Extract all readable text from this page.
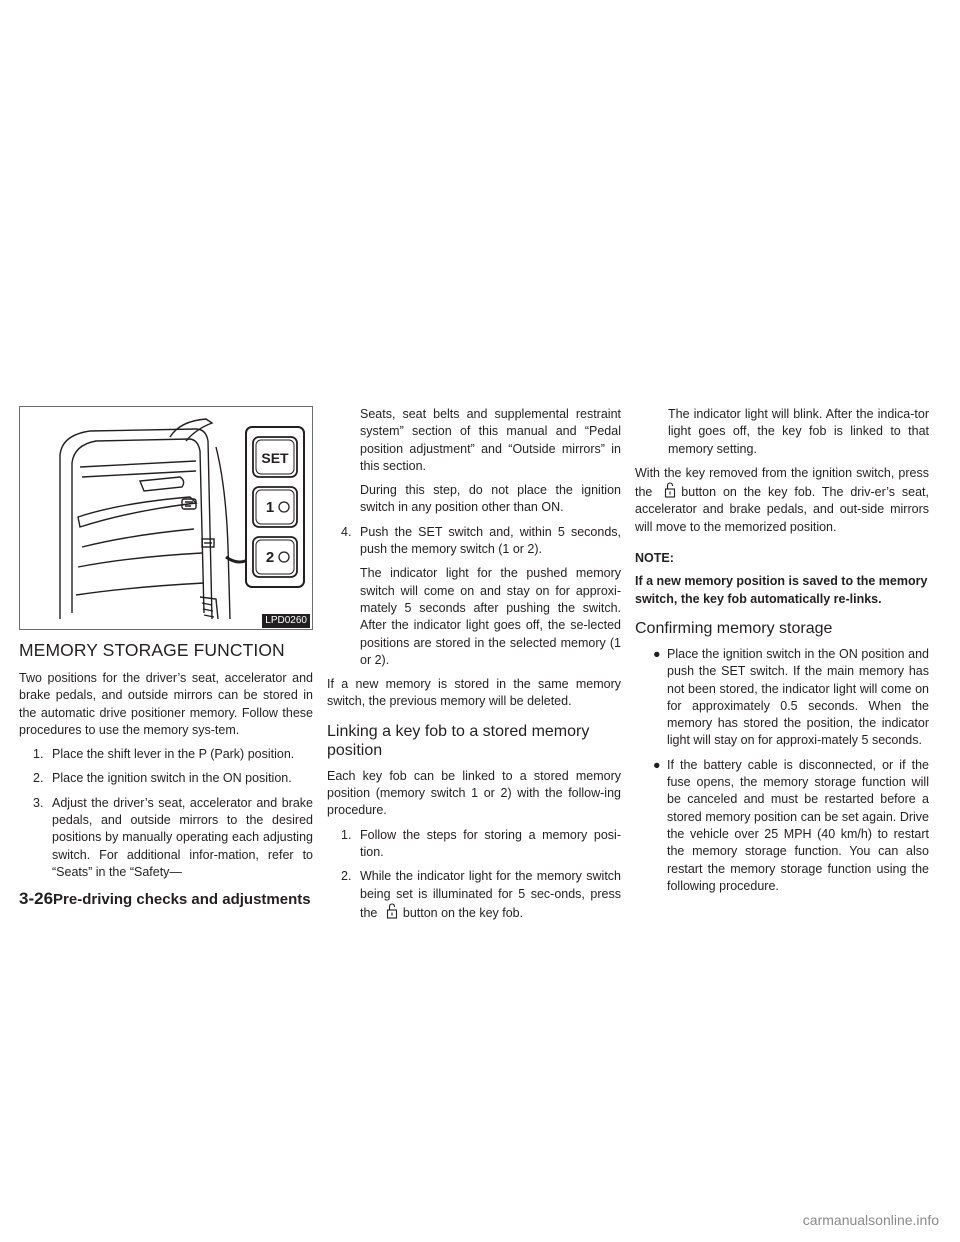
SET
1
2
LPD0260
MEMORY STORAGE FUNCTION

Two positions for the driver’s seat, accelerator and brake pedals, and outside mirrors can be stored in the automatic drive positioner memory. Follow these procedures to use the memory sys-tem.

1. Place the shift lever in the P (Park) position.
2. Place the ignition switch in the ON position.
3. Adjust the driver’s seat, accelerator and brake pedals, and outside mirrors to the desired positions by manually operating each adjusting switch. For additional infor-mation, refer to “Seats” in the “Safety—
Seats, seat belts and supplemental restraint system” section of this manual and “Pedal position adjustment” and “Outside mirrors” in this section.

During this step, do not place the ignition switch in any position other than ON.

4. Push the SET switch and, within 5 seconds, push the memory switch (1 or 2).

The indicator light for the pushed memory switch will come on and stay on for approxi-mately 5 seconds after pushing the switch. After the indicator light goes off, the se-lected positions are stored in the selected memory (1 or 2).

If a new memory is stored in the same memory switch, the previous memory will be deleted.

Linking a key fob to a stored memory position

Each key fob can be linked to a stored memory position (memory switch 1 or 2) with the follow-ing procedure.

1. Follow the steps for storing a memory posi-tion.
2. While the indicator light for the memory switch being set is illuminated for 5 sec-onds, press the button on the key fob.
The indicator light will blink. After the indica-tor light goes off, the key fob is linked to that memory setting.

With the key removed from the ignition switch, press the button on the key fob. The driv-er’s seat, accelerator and brake pedals, and out-side mirrors will move to the memorized position.

NOTE:

If a new memory position is saved to the memory switch, the key fob automatically re-links.

Confirming memory storage
● Place the ignition switch in the ON position and push the SET switch. If the main memory has not been stored, the indicator light will come on for approximately 0.5 seconds. When the memory has stored the position, the indicator light will stay on for approxi-mately 5 seconds.
● If the battery cable is disconnected, or if the fuse opens, the memory storage function will be canceled and must be restarted before a stored memory position can be set again. Drive the vehicle over 25 MPH (40 km/h) to restart the memory storage function. You can also restart the memory storage function using the following procedure.
3-26Pre-driving checks and adjustments
carmanualsonline.info
